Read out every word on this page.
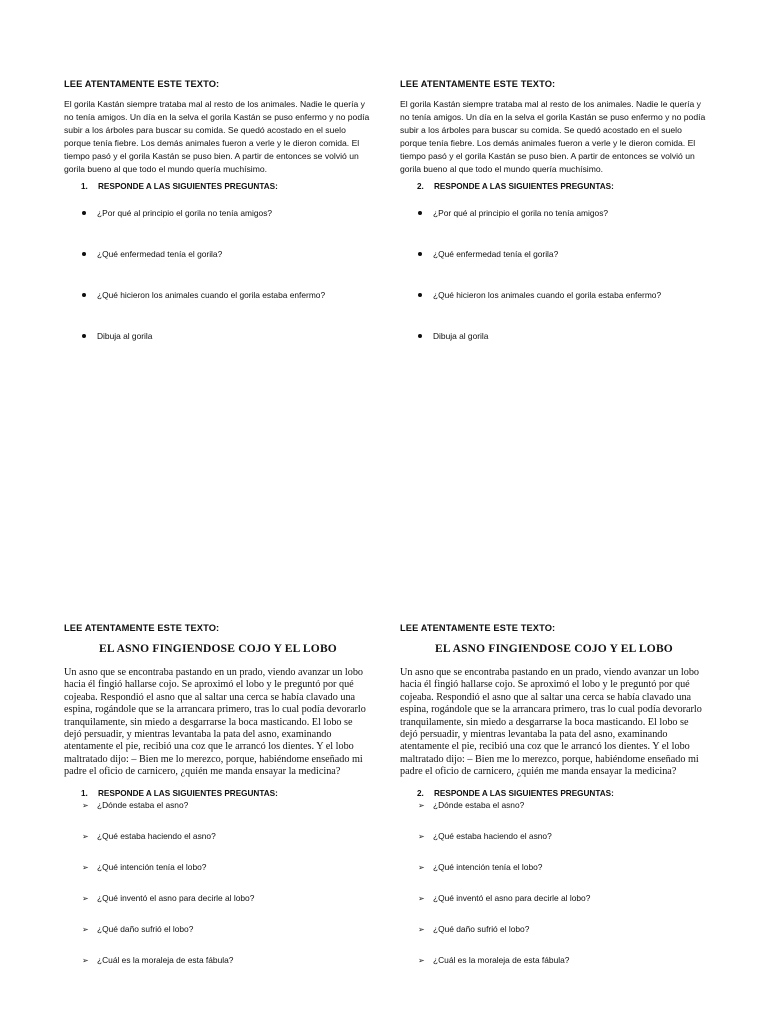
LEE ATENTAMENTE ESTE TEXTO:

El gorila Kastán siempre trataba mal al resto de los animales. Nadie le quería y no tenía amigos. Un día en la selva el gorila Kastán se puso enfermo y no podía subir a los árboles para buscar su comida. Se quedó acostado en el suelo porque tenía fiebre. Los demás animales fueron a verle y le dieron comida. El tiempo pasó y el gorila Kastán se puso bien. A partir de entonces se volvió un gorila bueno al que todo el mundo quería muchísimo.

1.	RESPONDE A LAS SIGUIENTES PREGUNTAS:
¿Por qué al principio el gorila no tenía amigos?
¿Qué enfermedad tenía el gorila?
¿Qué hicieron los animales cuando el gorila estaba enfermo?
Dibuja al gorila
LEE ATENTAMENTE ESTE TEXTO:

El gorila Kastán siempre trataba mal al resto de los animales. Nadie le quería y no tenía amigos. Un día en la selva el gorila Kastán se puso enfermo y no podía subir a los árboles para buscar su comida. Se quedó acostado en el suelo porque tenía fiebre. Los demás animales fueron a verle y le dieron comida. El tiempo pasó y el gorila Kastán se puso bien. A partir de entonces se volvió un gorila bueno al que todo el mundo quería muchísimo.

2.	RESPONDE A LAS SIGUIENTES PREGUNTAS:
¿Por qué al principio el gorila no tenía amigos?
¿Qué enfermedad tenía el gorila?
¿Qué hicieron los animales cuando el gorila estaba enfermo?
Dibuja al gorila
LEE ATENTAMENTE ESTE TEXTO:
EL ASNO FINGIENDOSE COJO Y EL LOBO

Un asno que se encontraba pastando en un prado, viendo avanzar un lobo hacia él fingió hallarse cojo. Se aproximó el lobo y le preguntó por qué cojeaba. Respondió el asno que al saltar una cerca se había clavado una espina, rogándole que se la arrancara primero, tras lo cual podía devorarlo tranquilamente, sin miedo a desgarrarse la boca masticando. El lobo se dejó persuadir, y mientras levantaba la pata del asno, examinando atentamente el pie, recibió una coz que le arrancó los dientes. Y el lobo maltratado dijo: – Bien me lo merezco, porque, habiéndome enseñado mi padre el oficio de carnicero, ¿quién me manda ensayar la medicina?

1.	RESPONDE A LAS SIGUIENTES PREGUNTAS:
➢ ¿Dónde estaba el asno?
➢ ¿Qué estaba haciendo el asno?
➢ ¿Qué intención tenía el lobo?
➢ ¿Qué inventó el asno para decirle al lobo?
➢ ¿Qué daño sufrió el lobo?
➢ ¿Cuál es la moraleja de esta fábula?
LEE ATENTAMENTE ESTE TEXTO:
EL ASNO FINGIENDOSE COJO Y EL LOBO

Un asno que se encontraba pastando en un prado, viendo avanzar un lobo hacia él fingió hallarse cojo. Se aproximó el lobo y le preguntó por qué cojeaba. Respondió el asno que al saltar una cerca se había clavado una espina, rogándole que se la arrancara primero, tras lo cual podía devorarlo tranquilamente, sin miedo a desgarrarse la boca masticando. El lobo se dejó persuadir, y mientras levantaba la pata del asno, examinando atentamente el pie, recibió una coz que le arrancó los dientes. Y el lobo maltratado dijo: – Bien me lo merezco, porque, habiéndome enseñado mi padre el oficio de carnicero, ¿quién me manda ensayar la medicina?

2.	RESPONDE A LAS SIGUIENTES PREGUNTAS:
➢ ¿Dónde estaba el asno?
➢ ¿Qué estaba haciendo el asno?
➢ ¿Qué intención tenía el lobo?
➢ ¿Qué inventó el asno para decirle al lobo?
➢ ¿Qué daño sufrió el lobo?
➢ ¿Cuál es la moraleja de esta fábula?
